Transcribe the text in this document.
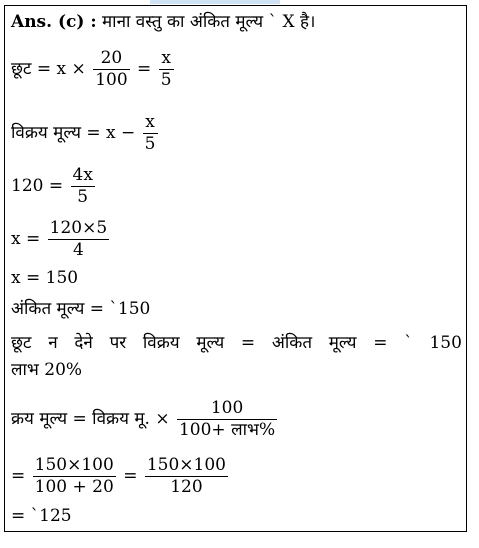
Ans. (c) : माना वस्तु का अंकित मूल्य ` X है।
छूट = $x \times \frac{20}{100} = \frac{x}{5}$
विक्रय मूल्य = $x - \frac{x}{5}$
$120 = \frac{4x}{5}$
$x = \frac{120\times 5}{4}$
x = 150
अंकित मूल्य = `150
छूट न देने पर विक्रय मूल्य = अंकित मूल्य = ` 150
लाभ 20%
क्रय मूल्य = विक्रय मू. × $\frac{100}{\text{100+ लाभ\%}}$
= $\frac{150\times 100}{100 + 20} = \frac{150\times 100}{120}$
= `125
